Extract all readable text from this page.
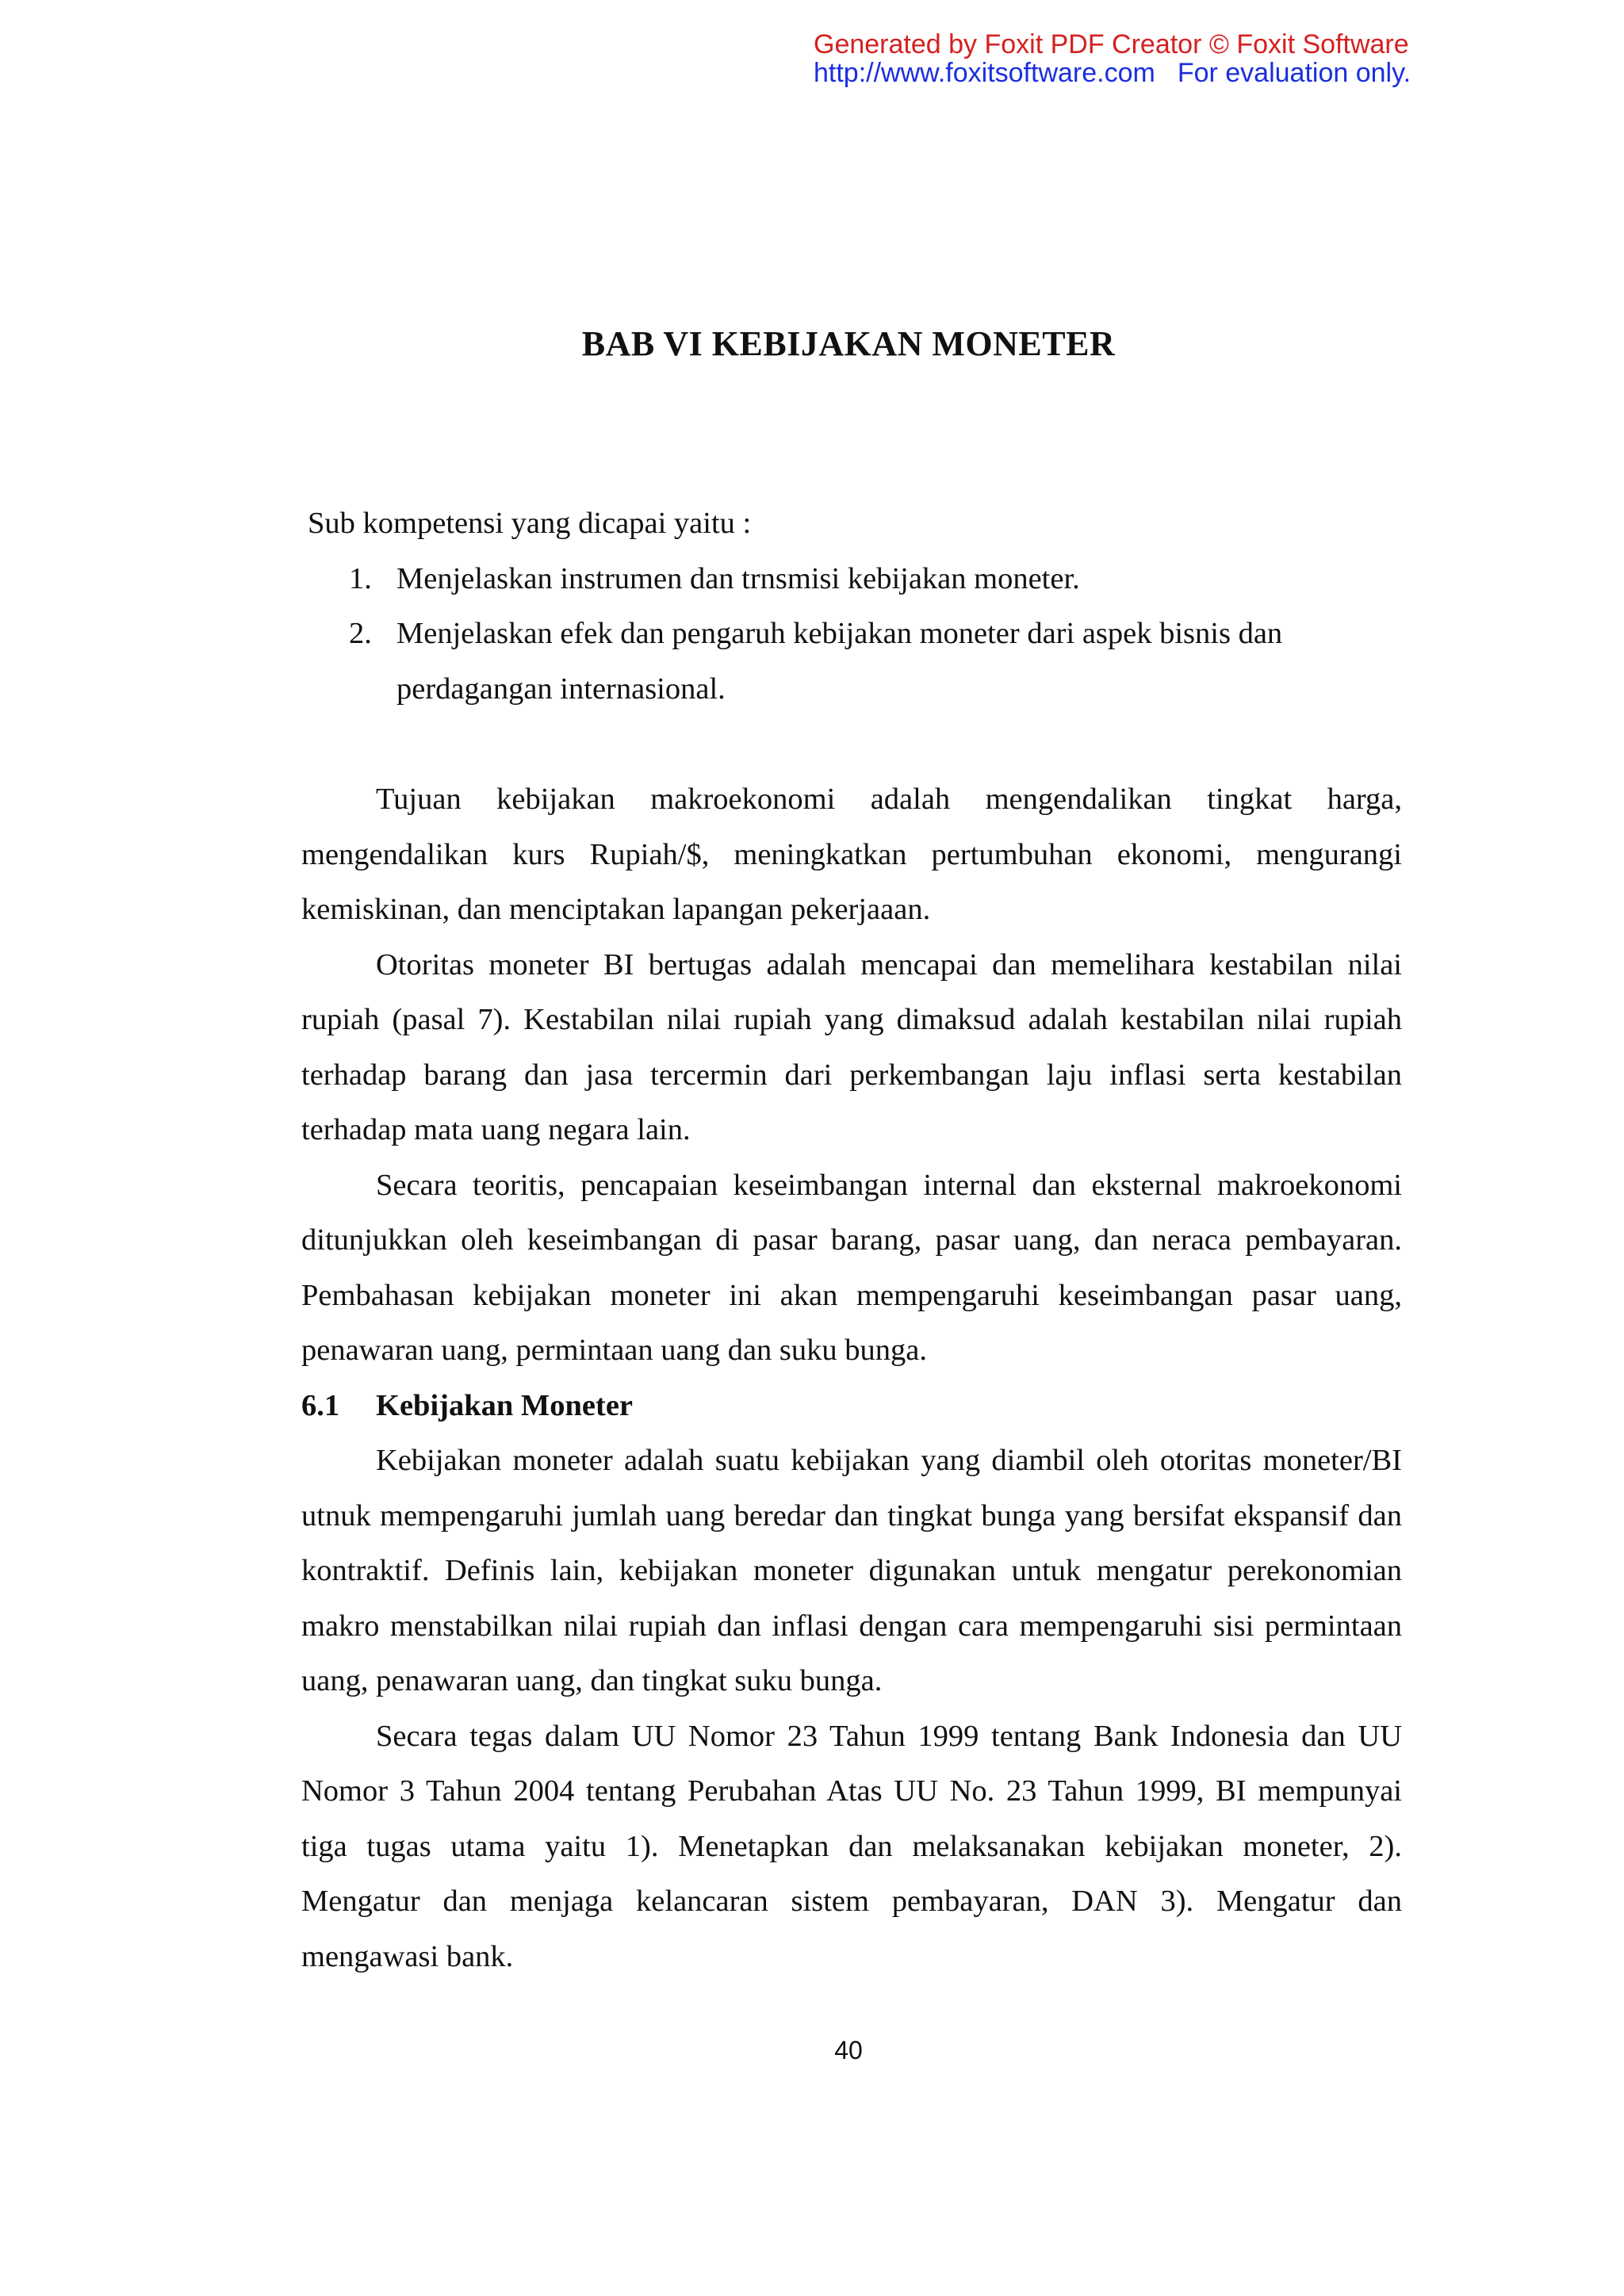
Generated by Foxit PDF Creator © Foxit Software
http://www.foxitsoftware.com For evaluation only.
BAB VI KEBIJAKAN MONETER

Sub kompetensi yang dicapai yaitu :

1. Menjelaskan instrumen dan trnsmisi kebijakan moneter.
2. Menjelaskan efek dan pengaruh kebijakan moneter dari aspek bisnis dan perdagangan internasional.

Tujuan kebijakan makroekonomi adalah mengendalikan tingkat harga, mengendalikan kurs Rupiah/$, meningkatkan pertumbuhan ekonomi, mengurangi kemiskinan, dan menciptakan lapangan pekerjaaan.

Otoritas moneter BI bertugas adalah mencapai dan memelihara kestabilan nilai rupiah (pasal 7). Kestabilan nilai rupiah yang dimaksud adalah kestabilan nilai rupiah terhadap barang dan jasa tercermin dari perkembangan laju inflasi serta kestabilan terhadap mata uang negara lain.

Secara teoritis, pencapaian keseimbangan internal dan eksternal makroekonomi ditunjukkan oleh keseimbangan di pasar barang, pasar uang, dan neraca pembayaran. Pembahasan kebijakan moneter ini akan mempengaruhi keseimbangan pasar uang, penawaran uang, permintaan uang dan suku bunga.

6.1	Kebijakan Moneter

Kebijakan moneter adalah suatu kebijakan yang diambil oleh otoritas moneter/BI utnuk mempengaruhi jumlah uang beredar dan tingkat bunga yang bersifat ekspansif dan kontraktif. Definis lain, kebijakan moneter digunakan untuk mengatur perekonomian makro menstabilkan nilai rupiah dan inflasi dengan cara mempengaruhi sisi permintaan uang, penawaran uang, dan tingkat suku bunga.

Secara tegas dalam UU Nomor 23 Tahun 1999 tentang Bank Indonesia dan UU Nomor 3 Tahun 2004 tentang Perubahan Atas UU No. 23 Tahun 1999, BI mempunyai tiga tugas utama yaitu 1). Menetapkan dan melaksanakan kebijakan moneter, 2). Mengatur dan menjaga kelancaran sistem pembayaran, DAN 3). Mengatur dan mengawasi bank.

40
